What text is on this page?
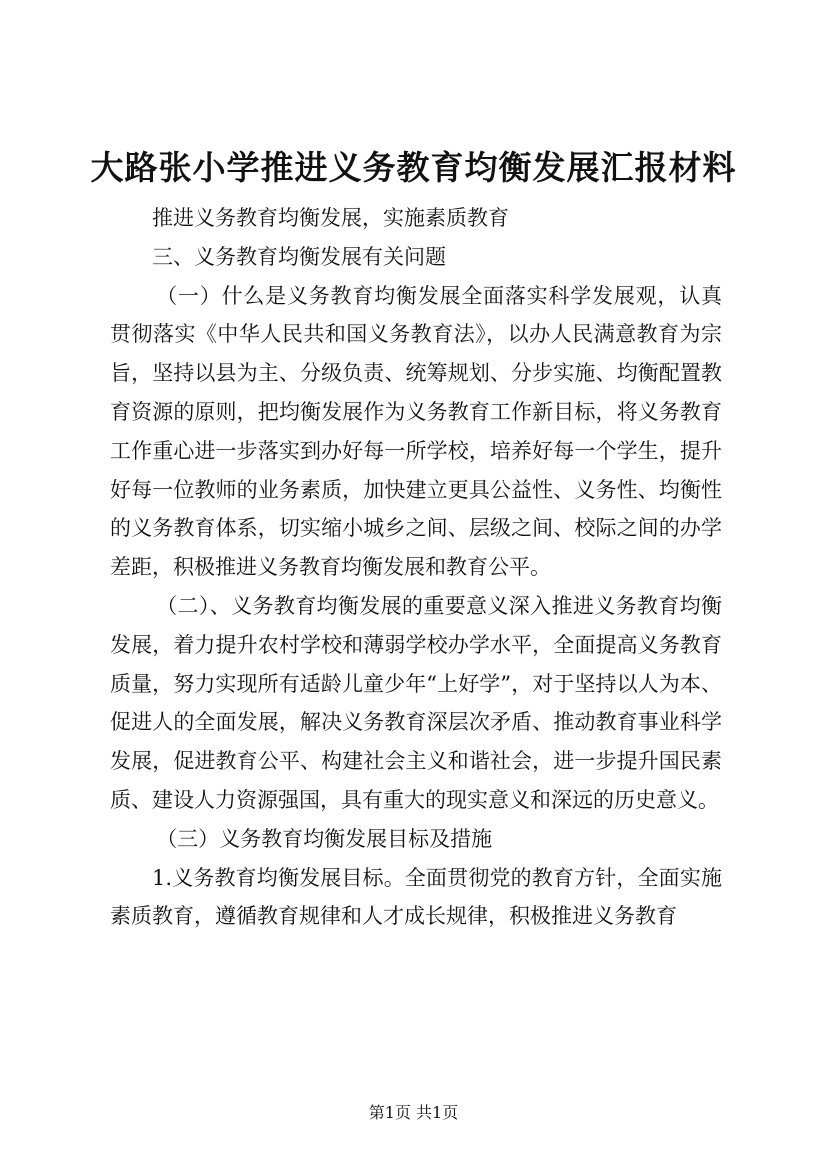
大路张小学推进义务教育均衡发展汇报材料

推进义务教育均衡发展，实施素质教育

三、义务教育均衡发展有关问题

（一）什么是义务教育均衡发展全面落实科学发展观，认真贯彻落实《中华人民共和国义务教育法》，以办人民满意教育为宗旨，坚持以县为主、分级负责、统筹规划、分步实施、均衡配置教育资源的原则，把均衡发展作为义务教育工作新目标，将义务教育工作重心进一步落实到办好每一所学校，培养好每一个学生，提升好每一位教师的业务素质，加快建立更具公益性、义务性、均衡性的义务教育体系，切实缩小城乡之间、层级之间、校际之间的办学差距，积极推进义务教育均衡发展和教育公平。

（二）、义务教育均衡发展的重要意义深入推进义务教育均衡发展，着力提升农村学校和薄弱学校办学水平，全面提高义务教育质量，努力实现所有适龄儿童少年“上好学”，对于坚持以人为本、促进人的全面发展，解决义务教育深层次矛盾、推动教育事业科学发展，促进教育公平、构建社会主义和谐社会，进一步提升国民素质、建设人力资源强国，具有重大的现实意义和深远的历史意义。

（三）义务教育均衡发展目标及措施

1.义务教育均衡发展目标。全面贯彻党的教育方针，全面实施素质教育，遵循教育规律和人才成长规律，积极推进义务教育

第1页 共1页
